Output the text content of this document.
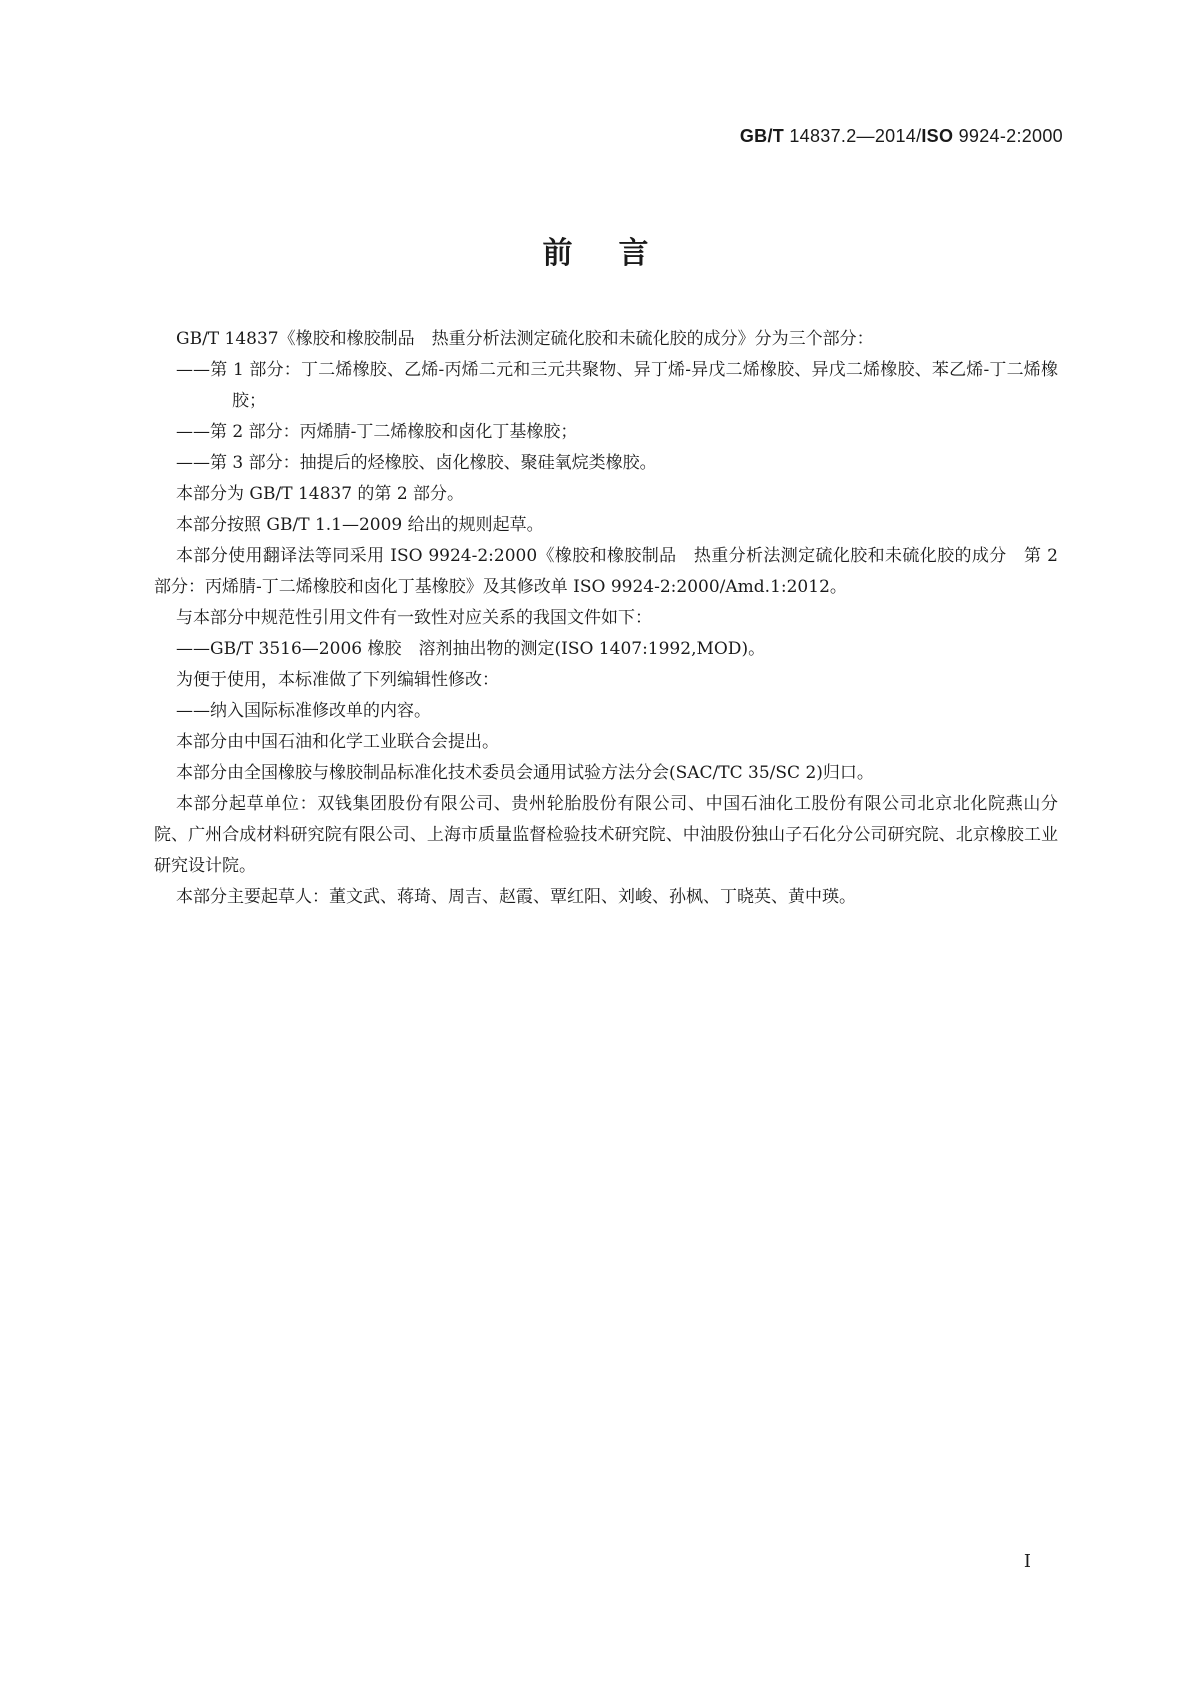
GB/T 14837.2—2014/ISO 9924-2:2000
前言

GB/T 14837《橡胶和橡胶制品　热重分析法测定硫化胶和未硫化胶的成分》分为三个部分：

——第 1 部分：丁二烯橡胶、乙烯-丙烯二元和三元共聚物、异丁烯-异戊二烯橡胶、异戊二烯橡胶、苯乙烯-丁二烯橡胶；

——第 2 部分：丙烯腈-丁二烯橡胶和卤化丁基橡胶；

——第 3 部分：抽提后的烃橡胶、卤化橡胶、聚硅氧烷类橡胶。

本部分为 GB/T 14837 的第 2 部分。

本部分按照 GB/T 1.1—2009 给出的规则起草。

本部分使用翻译法等同采用 ISO 9924-2:2000《橡胶和橡胶制品　热重分析法测定硫化胶和未硫化胶的成分　第 2 部分：丙烯腈-丁二烯橡胶和卤化丁基橡胶》及其修改单 ISO 9924-2:2000/Amd.1:2012。

与本部分中规范性引用文件有一致性对应关系的我国文件如下：

——GB/T 3516—2006 橡胶　溶剂抽出物的测定(ISO 1407:1992,MOD)。

为便于使用，本标准做了下列编辑性修改：

——纳入国际标准修改单的内容。

本部分由中国石油和化学工业联合会提出。

本部分由全国橡胶与橡胶制品标准化技术委员会通用试验方法分会(SAC/TC 35/SC 2)归口。

本部分起草单位：双钱集团股份有限公司、贵州轮胎股份有限公司、中国石油化工股份有限公司北京北化院燕山分院、广州合成材料研究院有限公司、上海市质量监督检验技术研究院、中油股份独山子石化分公司研究院、北京橡胶工业研究设计院。

本部分主要起草人：董文武、蒋琦、周吉、赵霞、覃红阳、刘峻、孙枫、丁晓英、黄中瑛。

I
